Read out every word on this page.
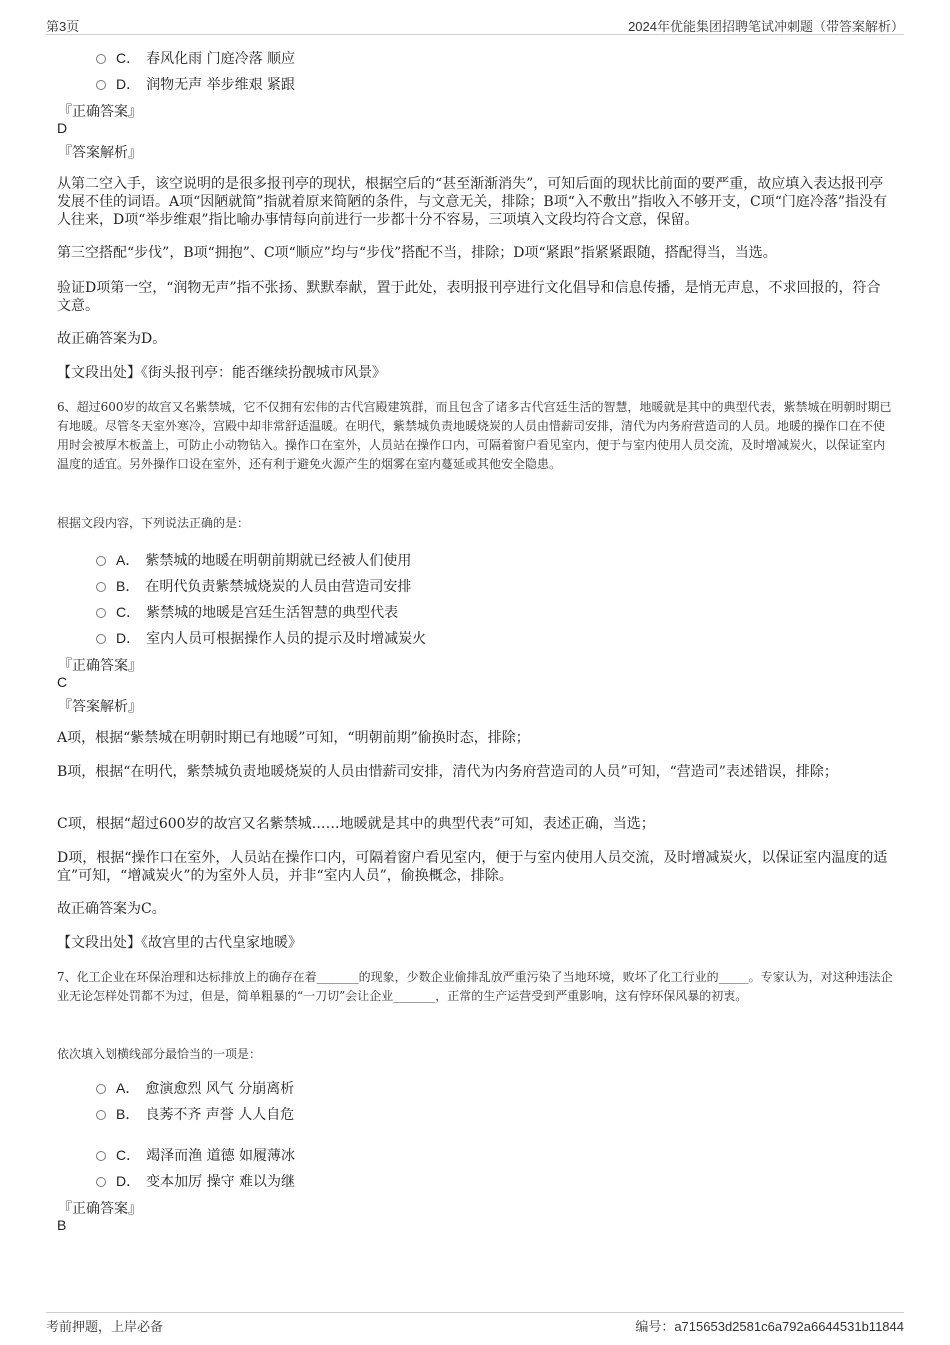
第3页	2024年优能集团招聘笔试冲刺题（带答案解析）
C． 春风化雨 门庭冷落 顺应
D． 润物无声 举步维艰 紧跟
『正确答案』
D
『答案解析』
从第二空入手，该空说明的是很多报刊亭的现状，根据空后的“甚至渐渐消失”，可知后面的现状比前面的要严重，故应填入表达报刊亭发展不佳的词语。A项“因陋就简”指就着原来简陋的条件，与文意无关，排除；B项“入不敷出”指收入不够开支，C项“门庭冷落”指没有人往来，D项“举步维艰”指比喻办事情每向前进行一步都十分不容易，三项填入文段均符合文意，保留。
第三空搭配“步伐”，B项“拥抱”、C项“顺应”均与“步伐”搭配不当，排除；D项“紧跟”指紧紧跟随，搭配得当，当选。
验证D项第一空，“润物无声”指不张扬、默默奉献，置于此处，表明报刊亭进行文化倡导和信息传播，是悄无声息，不求回报的，符合文意。
故正确答案为D。
【文段出处】《街头报刊亭：能否继续扮靓城市风景》
6、超过600岁的故宫又名紫禁城，它不仅拥有宏伟的古代宫殿建筑群，而且包含了诸多古代宫廷生活的智慧，地暖就是其中的典型代表，紫禁城在明朝时期已有地暖。尽管冬天室外寒冷，宫殿中却非常舒适温暖。在明代，紫禁城负责地暖烧炭的人员由惜薪司安排，清代为内务府营造司的人员。地暖的操作口在不使用时会被厚木板盖上，可防止小动物钻入。操作口在室外，人员站在操作口内，可隔着窗户看见室内，便于与室内使用人员交流，及时增减炭火，以保证室内温度的适宜。另外操作口设在室外，还有利于避免火源产生的烟雾在室内蔓延或其他安全隐患。
根据文段内容，下列说法正确的是：
A． 紫禁城的地暖在明朝前期就已经被人们使用
B． 在明代负责紫禁城烧炭的人员由营造司安排
C． 紫禁城的地暖是宫廷生活智慧的典型代表
D． 室内人员可根据操作人员的提示及时增减炭火
『正确答案』
C
『答案解析』
A项，根据“紫禁城在明朝时期已有地暖”可知，“明朝前期”偷换时态，排除；
B项，根据“在明代，紫禁城负责地暖烧炭的人员由惜薪司安排，清代为内务府营造司的人员”可知，“营造司”表述错误，排除；
C项，根据“超过600岁的故宫又名紫禁城……地暖就是其中的典型代表”可知，表述正确，当选；
D项，根据“操作口在室外，人员站在操作口内，可隔着窗户看见室内，便于与室内使用人员交流，及时增减炭火，以保证室内温度的适宜”可知，“增减炭火”的为室外人员，并非“室内人员”，偷换概念，排除。
故正确答案为C。
【文段出处】《故宫里的古代皇家地暖》
7、化工企业在环保治理和达标排放上的确存在着_______的现象，少数企业偷排乱放严重污染了当地环境，败坏了化工行业的_____。专家认为，对这种违法企业无论怎样处罚都不为过，但是，简单粗暴的“一刀切”会让企业_______，正常的生产运营受到严重影响，这有悖环保风暴的初衷。
依次填入划横线部分最恰当的一项是：
A． 愈演愈烈 风气 分崩离析
B． 良莠不齐 声誉 人人自危
C． 竭泽而渔 道德 如履薄冰
D． 变本加厉 操守 难以为继
『正确答案』
B
考前押题，上岸必备	编号：a715653d2581c6a792a6644531b11844
